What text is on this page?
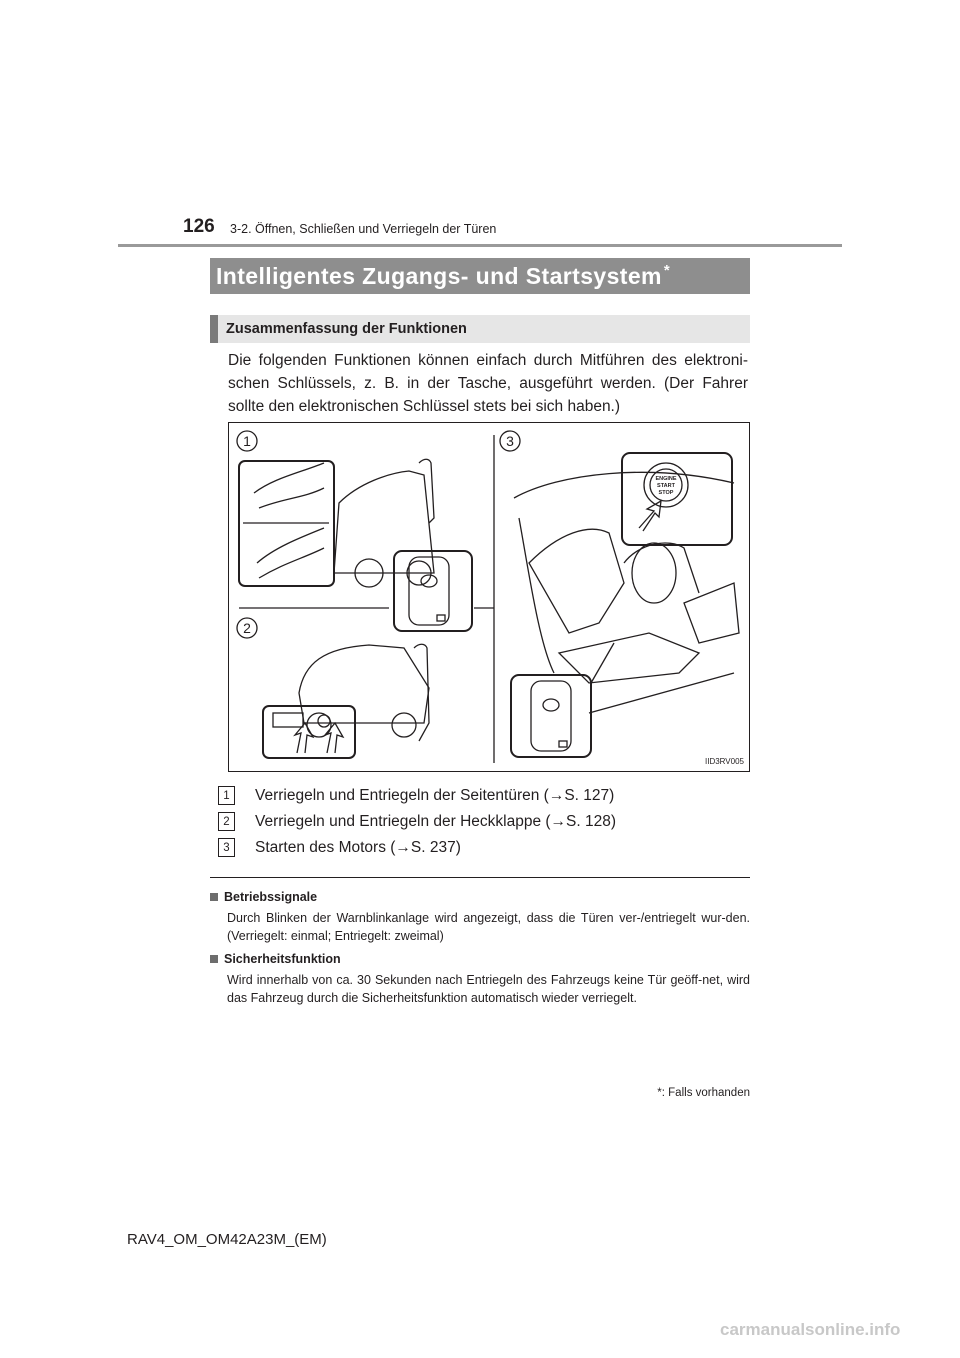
126 3-2. Öffnen, Schließen und Verriegeln der Türen
Intelligentes Zugangs- und Startsystem*
Zusammenfassung der Funktionen
Die folgenden Funktionen können einfach durch Mitführen des elektroni-schen Schlüssels, z. B. in der Tasche, ausgeführt werden. (Der Fahrer sollte den elektronischen Schlüssel stets bei sich haben.)
1
2
3
ENGINE
START
STOP
IID3RV005
1	Verriegeln und Entriegeln der Seitentüren (→S. 127)
2	Verriegeln und Entriegeln der Heckklappe (→S. 128)
3	Starten des Motors (→S. 237)
Betriebssignale
Durch Blinken der Warnblinkanlage wird angezeigt, dass die Türen ver-/entriegelt wur-den. (Verriegelt: einmal; Entriegelt: zweimal)
Sicherheitsfunktion
Wird innerhalb von ca. 30 Sekunden nach Entriegeln des Fahrzeugs keine Tür geöff-net, wird das Fahrzeug durch die Sicherheitsfunktion automatisch wieder verriegelt.
*: Falls vorhanden
RAV4_OM_OM42A23M_(EM)
carmanualsonline.info
